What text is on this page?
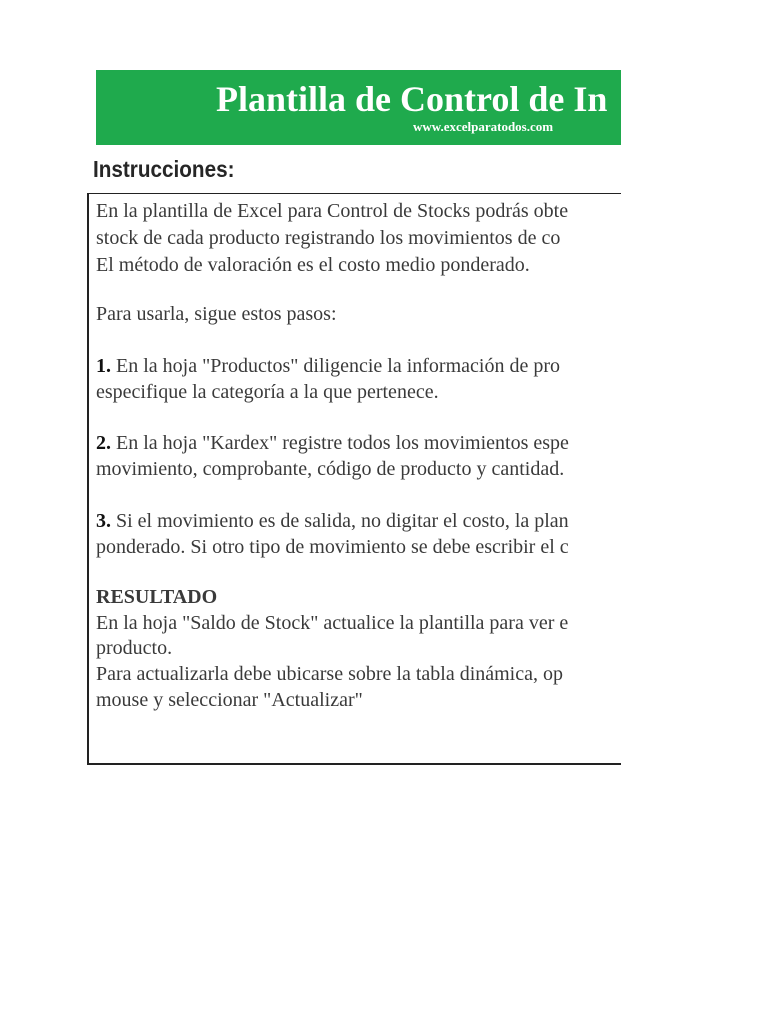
Plantilla de Control de In
www.excelparatodos.com
Instrucciones:
En la plantilla de Excel para Control de Stocks podrás obte
stock de cada producto registrando los movimientos de co
El método de valoración es el costo medio ponderado.
Para usarla, sigue estos pasos:
1. En la hoja "Productos" diligencie la información de pro
especifique la categoría a la que pertenece.
2. En la hoja "Kardex" registre todos los movimientos espe
movimiento, comprobante, código de producto y cantidad.
3. Si el movimiento es de salida, no digitar el costo, la plan
ponderado. Si otro tipo de movimiento se debe escribir el c
RESULTADO
En la hoja "Saldo de Stock" actualice la plantilla para ver e
producto.
Para actualizarla debe ubicarse sobre la tabla dinámica, op
mouse y seleccionar "Actualizar"
